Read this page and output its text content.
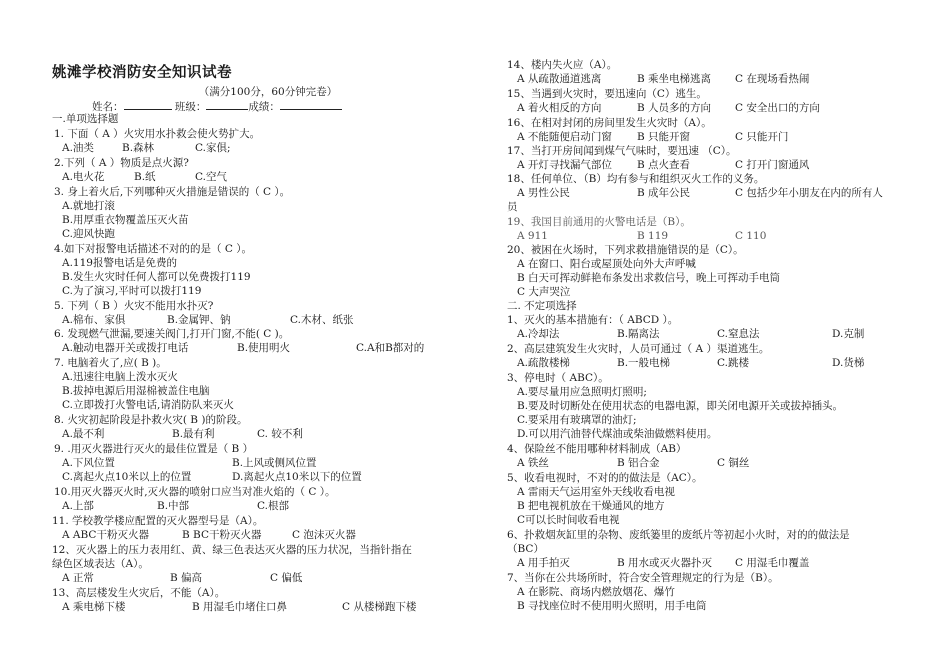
姚滩学校消防安全知识试卷
（满分100分，60分钟完卷）
姓名：	班级：	成绩：
一.单项选择题
1. 下面（ A ）火灾用水扑救会使火势扩大。
A.油类	B.森林	C.家俱;
2.下列（ A ）物质是点火源?
A.电火花	B.纸	C.空气
3. 身上着火后,下列哪种灭火措施是错误的（ C ）。
A.就地打滚
B.用厚重衣物覆盖压灭火苗
C.迎风快跑
4.如下对报警电话描述不对的的是（ C ）。
A.119报警电话是免费的
B.发生火灾时任何人都可以免费拨打119
C.为了演习,平时可以拨打119
5. 下列（ B ）火灾不能用水扑灭?
A.棉布、家俱	B.金属钾、钠	C.木材、纸张
6. 发现燃气泄漏,要速关阀门,打开门窗,不能( C )。
A.触动电器开关或拨打电话	B.使用明火	C.A和B都对的
7. 电脑着火了,应( B )。
A.迅速往电脑上泼水灭火
B.拔掉电源后用湿棉被盖住电脑
C.立即拨打火警电话,请消防队来灭火
8. 火灾初起阶段是扑救火灾( B )的阶段。
A.最不利	B.最有利	C. 较不利
9. .用灭火器进行灭火的最佳位置是（ B ）
A.下风位置	B.上风或侧风位置
C.离起火点10米以上的位置	D.离起火点10米以下的位置
10.用灭火器灭火时,灭火器的喷射口应当对准火焰的（ C ）。
A.上部	B.中部	C.根部
11. 学校教学楼应配置的灭火器型号是（A）。
A ABC干粉灭火器	B BC干粉灭火器	C 泡沫灭火器
12、灭火器上的压力表用红、黄、绿三色表达灭火器的压力状况，当指针指在
绿色区域表达（A）。
A 正常	B 偏高	C 偏低
13、高层楼发生火灾后，不能（A）。
A 乘电梯下楼	B 用湿毛巾堵住口鼻	C 从楼梯跑下楼
14、楼内失火应（A）。
A 从疏散通道逃离	B 乘坐电梯逃离 C 在现场看热闹
15、当遇到火灾时，要迅速向（C）逃生。
A 着火相反的方向	B 人员多的方向 C 安全出口的方向
16、在相对封闭的房间里发生火灾时（A）。
A 不能随便启动门窗 B 只能开窗	C 只能开门
17、当打开房间闻到煤气气味时，要迅速 （C）。
A 开灯寻找漏气部位 B 点火查看	C 打开门窗通风
18、任何单位、（B）均有参与和组织灭火工作的义务。
A 男性公民	B 成年公民	C 包括少年小朋友在内的所有人
员
19、我国目前通用的火警电话是（B）。
A 911	B 119	C 110
20、被困在火场时，下列求救措施错误的是（C）。
A 在窗口、阳台或屋顶处向外大声呼喊
B 白天可挥动鲜艳布条发出求救信号，晚上可挥动手电筒
C 大声哭泣
二. 不定项选择
1、灭火的基本措施有：（ ABCD ）。
A.冷却法	B.隔离法	C.窒息法	D.克制
2、高层建筑发生火灾时，人员可通过（ A ）渠道逃生。
A.疏散楼梯	B.一般电梯	C.跳楼	D.货梯
3、停电时（ ABC）。
A.要尽量用应急照明灯照明;
B.要及时切断处在使用状态的电器电源，即关闭电源开关或拔掉插头。
C.要采用有玻璃罩的油灯;
D.可以用汽油替代煤油或柴油做燃料使用。
4、保险丝不能用哪种材料制成（AB）
A 铁丝	B 铝合金	C 铜丝
5、收看电视时，不对的的做法是（AC）。
A 雷雨天气运用室外天线收看电视
B 把电视机放在干燥通风的地方
C可以长时间收看电视
6、扑救烟灰缸里的杂物、废纸篓里的废纸片等初起小火时，对的的做法是
（BC）
A 用手拍灭	B 用水或灭火器扑灭 C 用湿毛巾覆盖
7、当你在公共场所时，符合安全管理规定的行为是（B）。
A 在影院、商场内燃放烟花、爆竹
B 寻找座位时不使用明火照明，用手电筒
